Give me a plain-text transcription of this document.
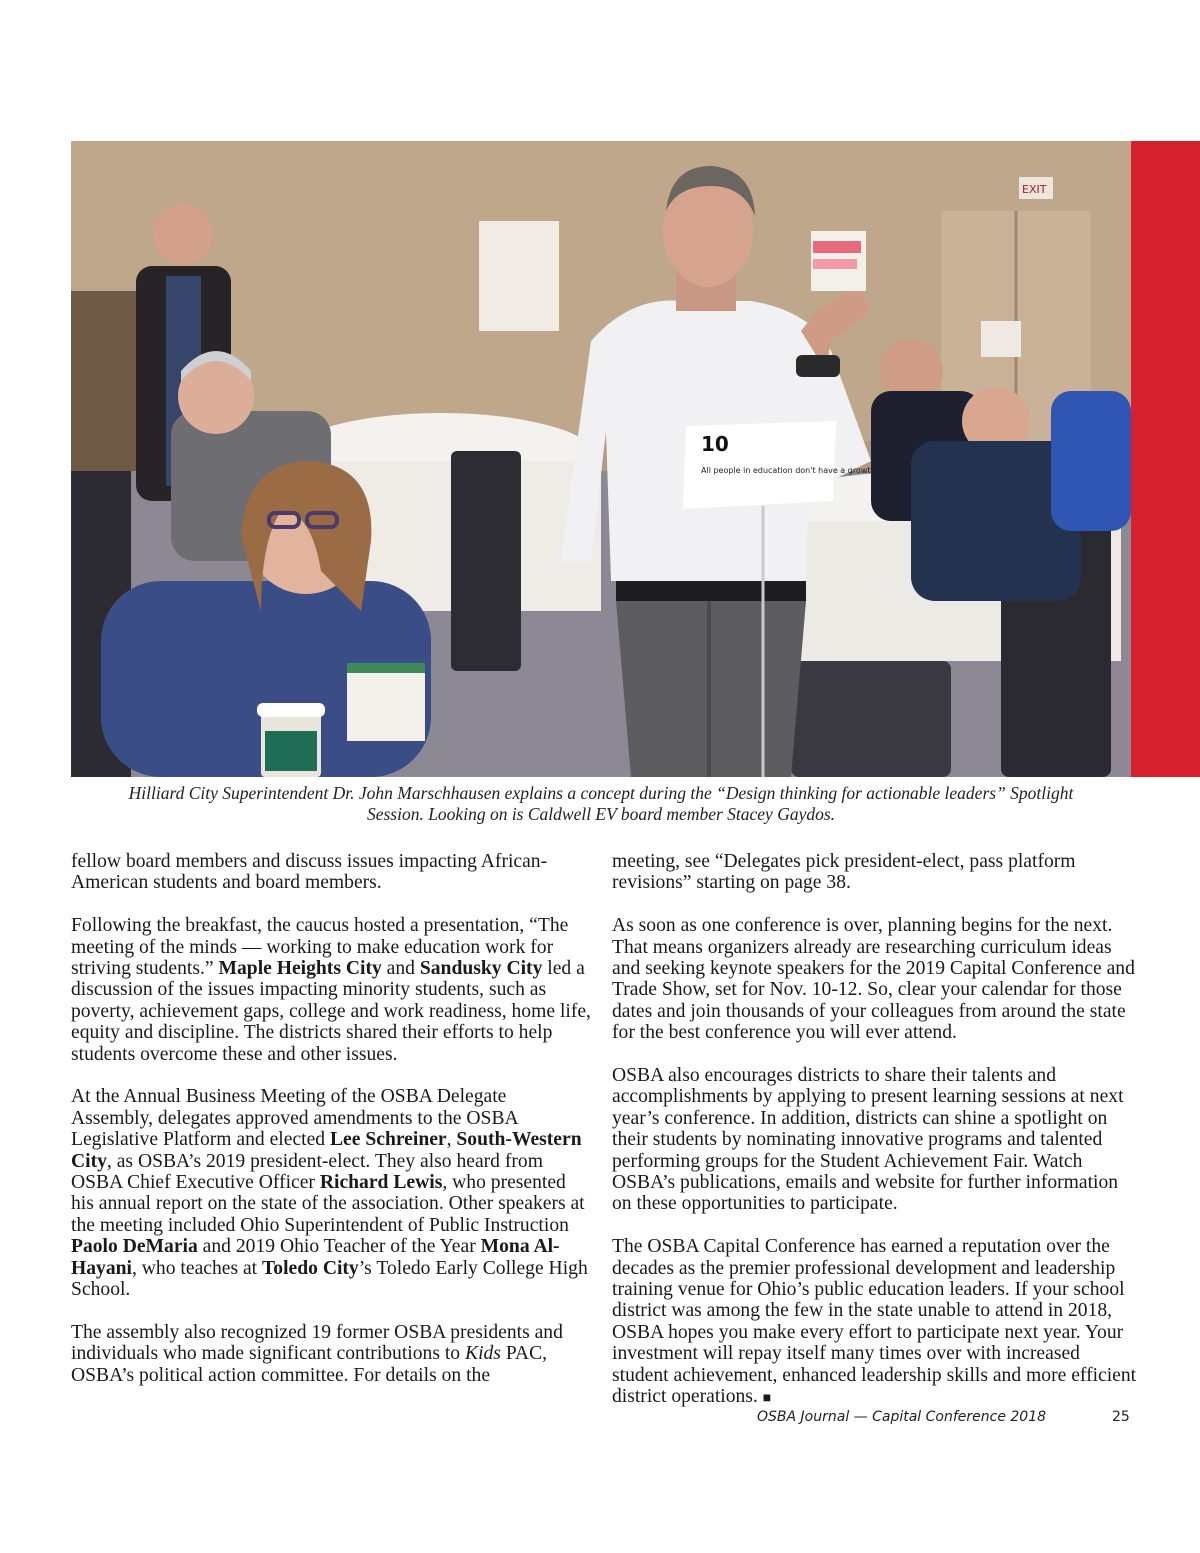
EXIT
10
All people in education don't have a growth mindset.
Hilliard City Superintendent Dr. John Marschhausen explains a concept during the “Design thinking for actionable leaders” Spotlight
Session. Looking on is Caldwell EV board member Stacey Gaydos.

fellow board members and discuss issues impacting African-American students and board members.

Following the breakfast, the caucus hosted a presentation, “The meeting of the minds — working to make education work for striving students.” Maple Heights City and Sandusky City led a discussion of the issues impacting minority students, such as poverty, achievement gaps, college and work readiness, home life, equity and discipline. The districts shared their efforts to help students overcome these and other issues.

At the Annual Business Meeting of the OSBA Delegate Assembly, delegates approved amendments to the OSBA Legislative Platform and elected Lee Schreiner, South-Western City, as OSBA’s 2019 president-elect. They also heard from OSBA Chief Executive Officer Richard Lewis, who presented his annual report on the state of the association. Other speakers at the meeting included Ohio Superintendent of Public Instruction Paolo DeMaria and 2019 Ohio Teacher of the Year Mona Al-Hayani, who teaches at Toledo City’s Toledo Early College High School.

The assembly also recognized 19 former OSBA presidents and individuals who made significant contributions to Kids PAC, OSBA’s political action committee. For details on the

meeting, see “Delegates pick president-elect, pass platform revisions” starting on page 38.

As soon as one conference is over, planning begins for the next. That means organizers already are researching curriculum ideas and seeking keynote speakers for the 2019 Capital Conference and Trade Show, set for Nov. 10-12. So, clear your calendar for those dates and join thousands of your colleagues from around the state for the best conference you will ever attend.

OSBA also encourages districts to share their talents and accomplishments by applying to present learning sessions at next year’s conference. In addition, districts can shine a spotlight on their students by nominating innovative programs and talented performing groups for the Student Achievement Fair. Watch OSBA’s publications, emails and website for further information on these opportunities to participate.

The OSBA Capital Conference has earned a reputation over the decades as the premier professional development and leadership training venue for Ohio’s public education leaders. If your school district was among the few in the state unable to attend in 2018, OSBA hopes you make every effort to participate next year. Your investment will repay itself many times over with increased student achievement, enhanced leadership skills and more efficient district operations. ■

OSBA Journal — Capital Conference 2018	25
